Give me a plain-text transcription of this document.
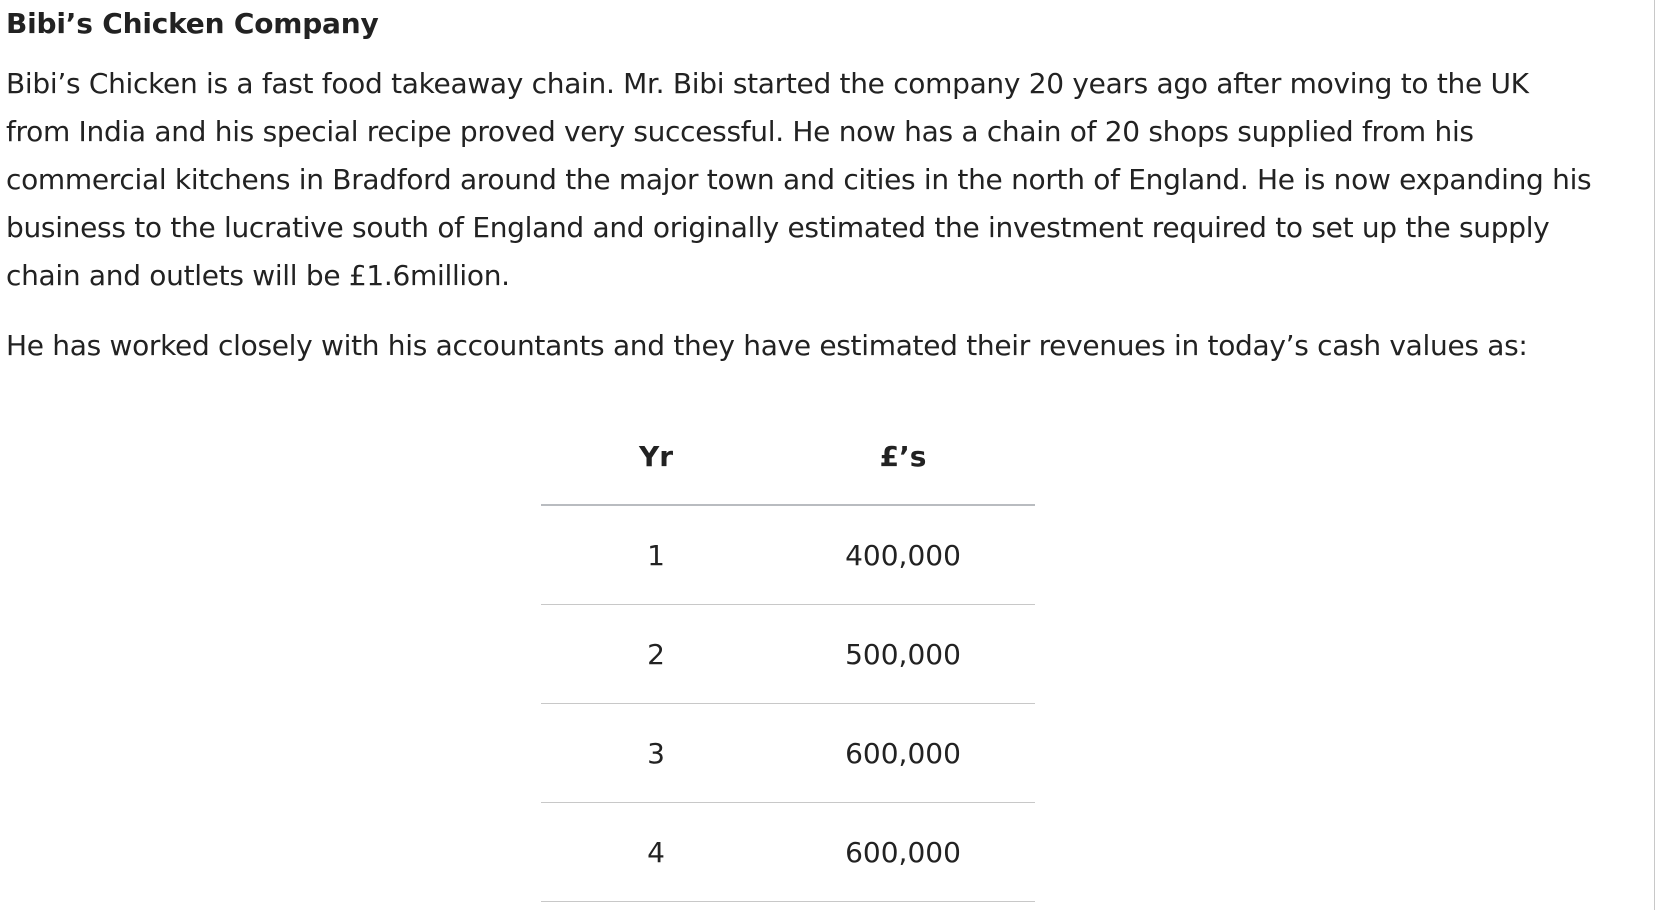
Bibi’s Chicken Company

Bibi’s Chicken is a fast food takeaway chain. Mr. Bibi started the company 20 years ago after moving to the UK from India and his special recipe proved very successful. He now has a chain of 20 shops supplied from his commercial kitchens in Bradford around the major town and cities in the north of England. He is now expanding his business to the lucrative south of England and originally estimated the investment required to set up the supply chain and outlets will be £1.6million.

He has worked closely with his accountants and they have estimated their revenues in today’s cash values as:

Yr	£’s
1	400,000
2	500,000
3	600,000
4	600,000
